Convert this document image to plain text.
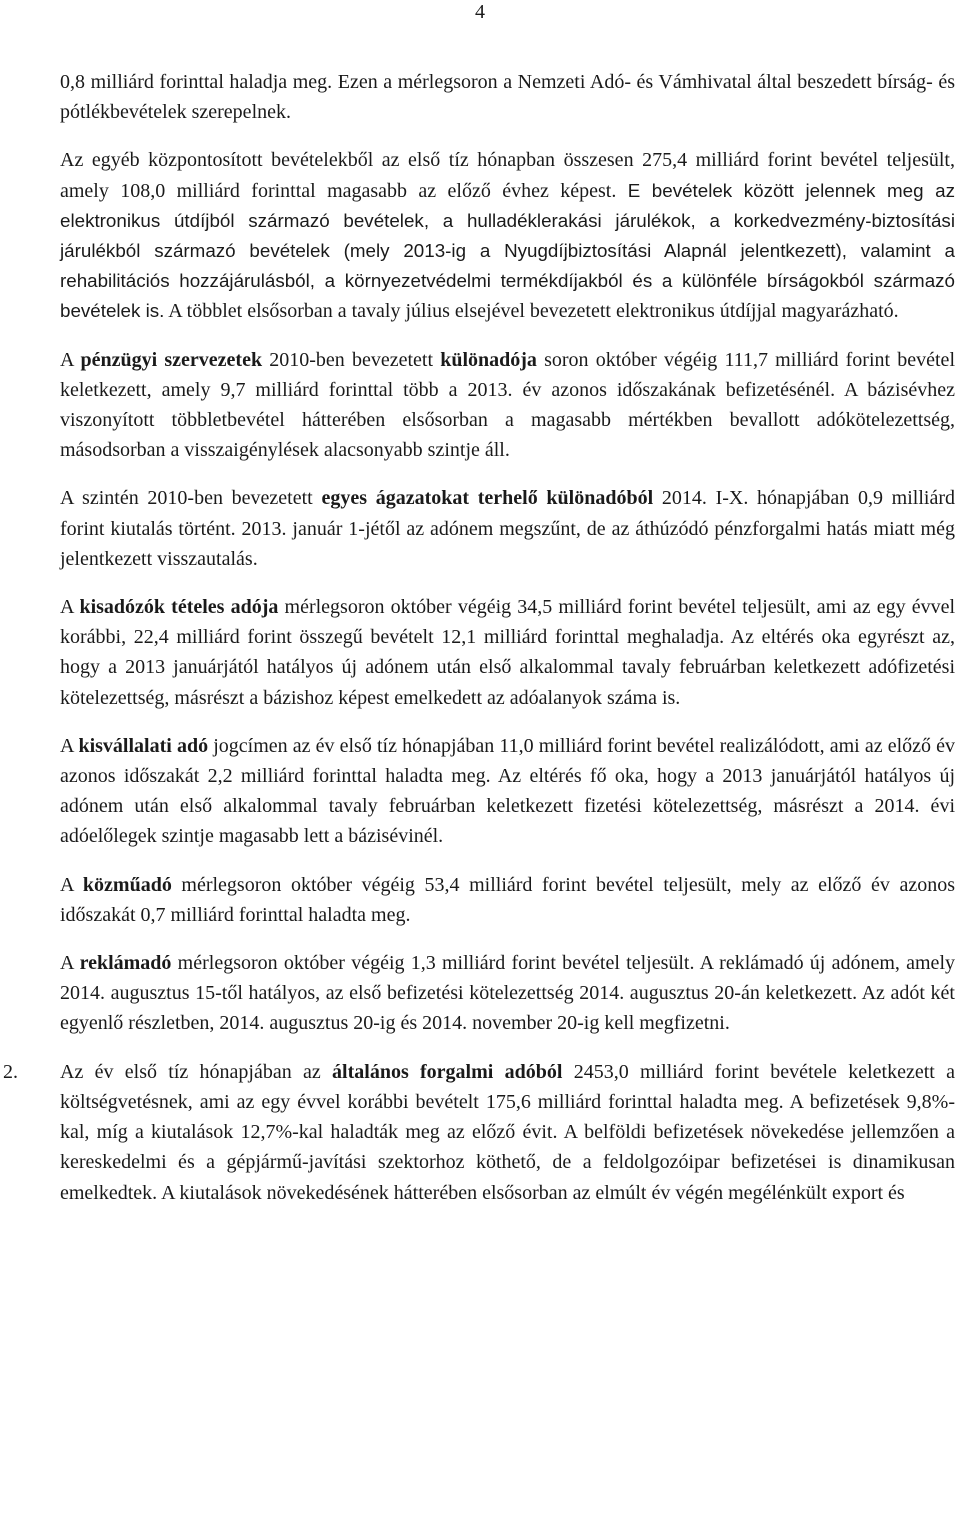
4

0,8 milliárd forinttal haladja meg. Ezen a mérlegsoron a Nemzeti Adó- és Vámhivatal által beszedett bírság- és pótlékbevételek szerepelnek.

Az egyéb központosított bevételekből az első tíz hónapban összesen 275,4 milliárd forint bevétel teljesült, amely 108,0 milliárd forinttal magasabb az előző évhez képest. E bevételek között jelennek meg az elektronikus útdíjból származó bevételek, a hulladéklerakási járulékok, a korkedvezmény-biztosítási járulékból származó bevételek (mely 2013-ig a Nyugdíjbiztosítási Alapnál jelentkezett), valamint a rehabilitációs hozzájárulásból, a környezetvédelmi termékdíjakból és a különféle bírságokból származó bevételek is. A többlet elsősorban a tavaly július elsejével bevezetett elektronikus útdíjjal magyarázható.

A pénzügyi szervezetek 2010-ben bevezetett különadója soron október végéig 111,7 milliárd forint bevétel keletkezett, amely 9,7 milliárd forinttal több a 2013. év azonos időszakának befizetésénél. A bázisévhez viszonyított többletbevétel hátterében elsősorban a magasabb mértékben bevallott adókötelezettség, másodsorban a visszaigénylések alacsonyabb szintje áll.

A szintén 2010-ben bevezetett egyes ágazatokat terhelő különadóból 2014. I-X. hónapjában 0,9 milliárd forint kiutalás történt. 2013. január 1-jétől az adónem megszűnt, de az áthúzódó pénzforgalmi hatás miatt még jelentkezett visszautalás.

A kisadózók tételes adója mérlegsoron október végéig 34,5 milliárd forint bevétel teljesült, ami az egy évvel korábbi, 22,4 milliárd forint összegű bevételt 12,1 milliárd forinttal meghaladja. Az eltérés oka egyrészt az, hogy a 2013 januárjától hatályos új adónem után első alkalommal tavaly februárban keletkezett adófizetési kötelezettség, másrészt a bázishoz képest emelkedett az adóalanyok száma is.

A kisvállalati adó jogcímen az év első tíz hónapjában 11,0 milliárd forint bevétel realizálódott, ami az előző év azonos időszakát 2,2 milliárd forinttal haladta meg. Az eltérés fő oka, hogy a 2013 januárjától hatályos új adónem után első alkalommal tavaly februárban keletkezett fizetési kötelezettség, másrészt a 2014. évi adóelőlegek szintje magasabb lett a bázisévinél.

A közműadó mérlegsoron október végéig 53,4 milliárd forint bevétel teljesült, mely az előző év azonos időszakát 0,7 milliárd forinttal haladta meg.

A reklámadó mérlegsoron október végéig 1,3 milliárd forint bevétel teljesült. A reklámadó új adónem, amely 2014. augusztus 15-től hatályos, az első befizetési kötelezettség 2014. augusztus 20-án keletkezett. Az adót két egyenlő részletben, 2014. augusztus 20-ig és 2014. november 20-ig kell megfizetni.

2. Az év első tíz hónapjában az általános forgalmi adóból 2453,0 milliárd forint bevétele keletkezett a költségvetésnek, ami az egy évvel korábbi bevételt 175,6 milliárd forinttal haladta meg. A befizetések 9,8%-kal, míg a kiutalások 12,7%-kal haladták meg az előző évit. A belföldi befizetések növekedése jellemzően a kereskedelmi és a gépjármű-javítási szektorhoz köthető, de a feldolgozóipar befizetései is dinamikusan emelkedtek. A kiutalások növekedésének hátterében elsősorban az elmúlt év végén megélénkült export és
